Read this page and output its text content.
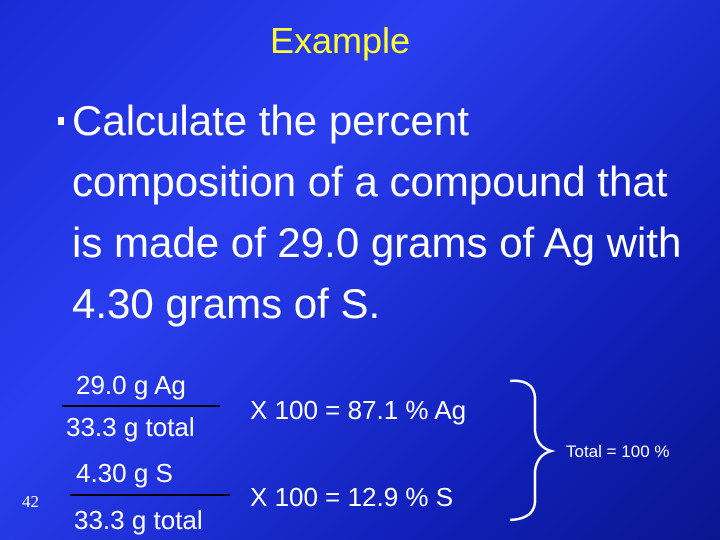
Example
Calculate the percent composition of a compound that is made of 29.0 grams of Ag with 4.30 grams of S.
29.0 g Ag
33.3 g total
X 100 = 87.1 % Ag
4.30 g S
33.3 g total
X 100 = 12.9 % S
Total = 100 %
42
